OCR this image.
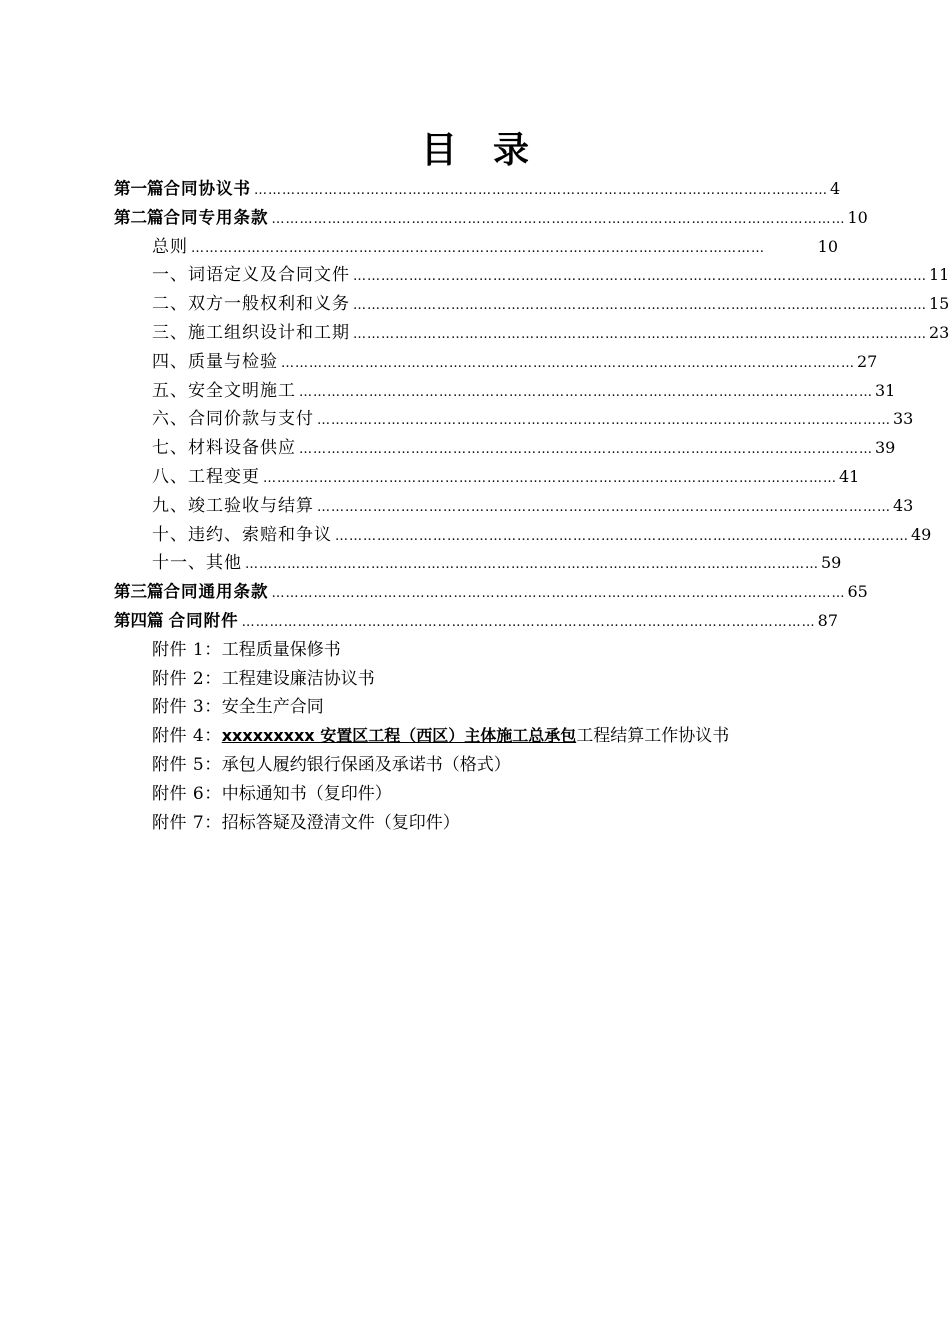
目 录
第一篇 合同协议书 …………………………………………………………………………………………………………… 4
第二篇 合同专用条款 …………………………………………………………………………………………………………… 10
总则 ……………………………………………………………………………………………………………	10
一、词语定义及合同文件 …………………………………………………………………………………………………………… 11
二、双方一般权利和义务 …………………………………………………………………………………………………………… 15
三、施工组织设计和工期 …………………………………………………………………………………………………………… 23
四、质量与检验 …………………………………………………………………………………………………………… 27
五、安全文明施工 …………………………………………………………………………………………………………… 31
六、合同价款与支付 …………………………………………………………………………………………………………… 33
七、材料设备供应 …………………………………………………………………………………………………………… 39
八、工程变更 …………………………………………………………………………………………………………… 41
九、竣工验收与结算 …………………………………………………………………………………………………………… 43
十、违约、索赔和争议 …………………………………………………………………………………………………………… 49
十一、其他 …………………………………………………………………………………………………………… 59
第三篇 合同通用条款 …………………………………………………………………………………………………………… 65
第四篇 合同附件 …………………………………………………………………………………………………………… 87
附件 1：工程质量保修书
附件 2：工程建设廉洁协议书
附件 3：安全生产合同
附件 4：xxxxxxxxx 安置区工程（西区）主体施工总承包工程结算工作协议书
附件 5：承包人履约银行保函及承诺书（格式）
附件 6：中标通知书（复印件）
附件 7：招标答疑及澄清文件（复印件）
